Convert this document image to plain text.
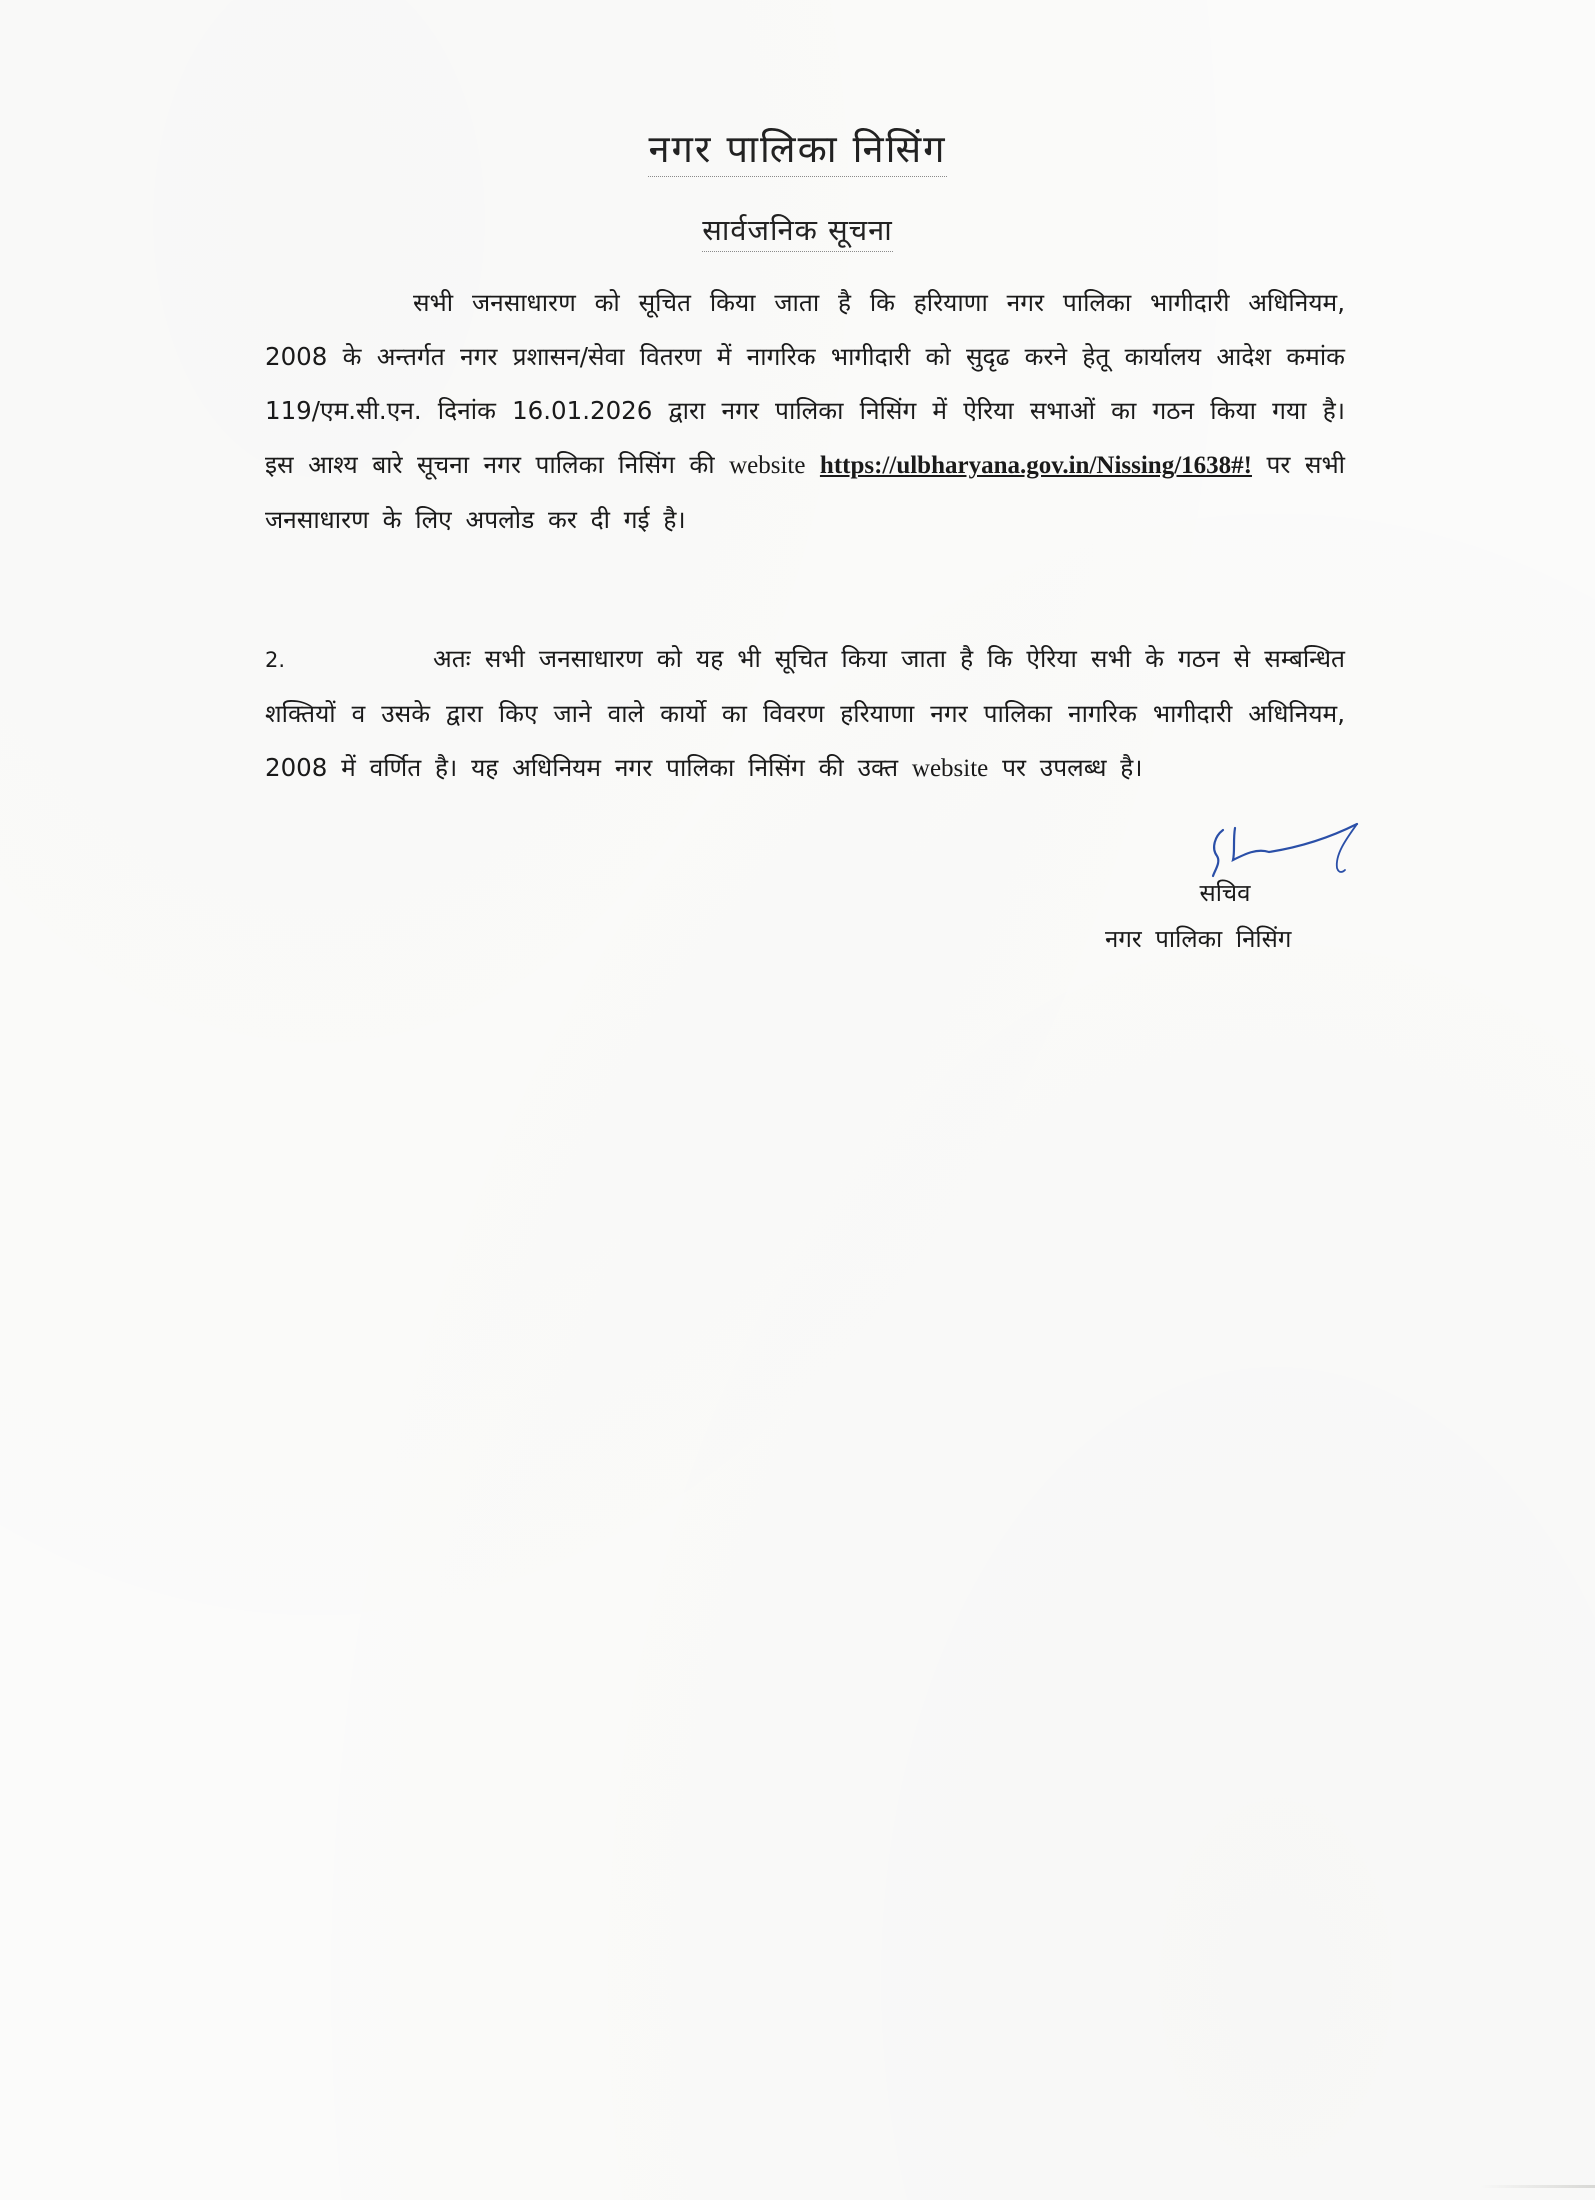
नगर पालिका निसिंग
सार्वजनिक सूचना
सभी जनसाधारण को सूचित किया जाता है कि हरियाणा नगर पालिका भागीदारी अधिनियम, 2008 के अन्तर्गत नगर प्रशासन/सेवा वितरण में नागरिक भागीदारी को सुदृढ करने हेतू कार्यालय आदेश कमांक 119/एम.सी.एन. दिनांक 16.01.2026 द्वारा नगर पालिका निसिंग में ऐरिया सभाओं का गठन किया गया है। इस आश्य बारे सूचना नगर पालिका निसिंग की website https://ulbharyana.gov.in/Nissing/1638#! पर सभी जनसाधारण के लिए अपलोड कर दी गई है।
2.	अतः सभी जनसाधारण को यह भी सूचित किया जाता है कि ऐरिया सभी के गठन से सम्बन्धित शक्तियों व उसके द्वारा किए जाने वाले कार्यो का विवरण हरियाणा नगर पालिका नागरिक भागीदारी अधिनियम, 2008 में वर्णित है। यह अधिनियम नगर पालिका निसिंग की उक्त website पर उपलब्ध है।
सचिव
नगर पालिका निसिंग
